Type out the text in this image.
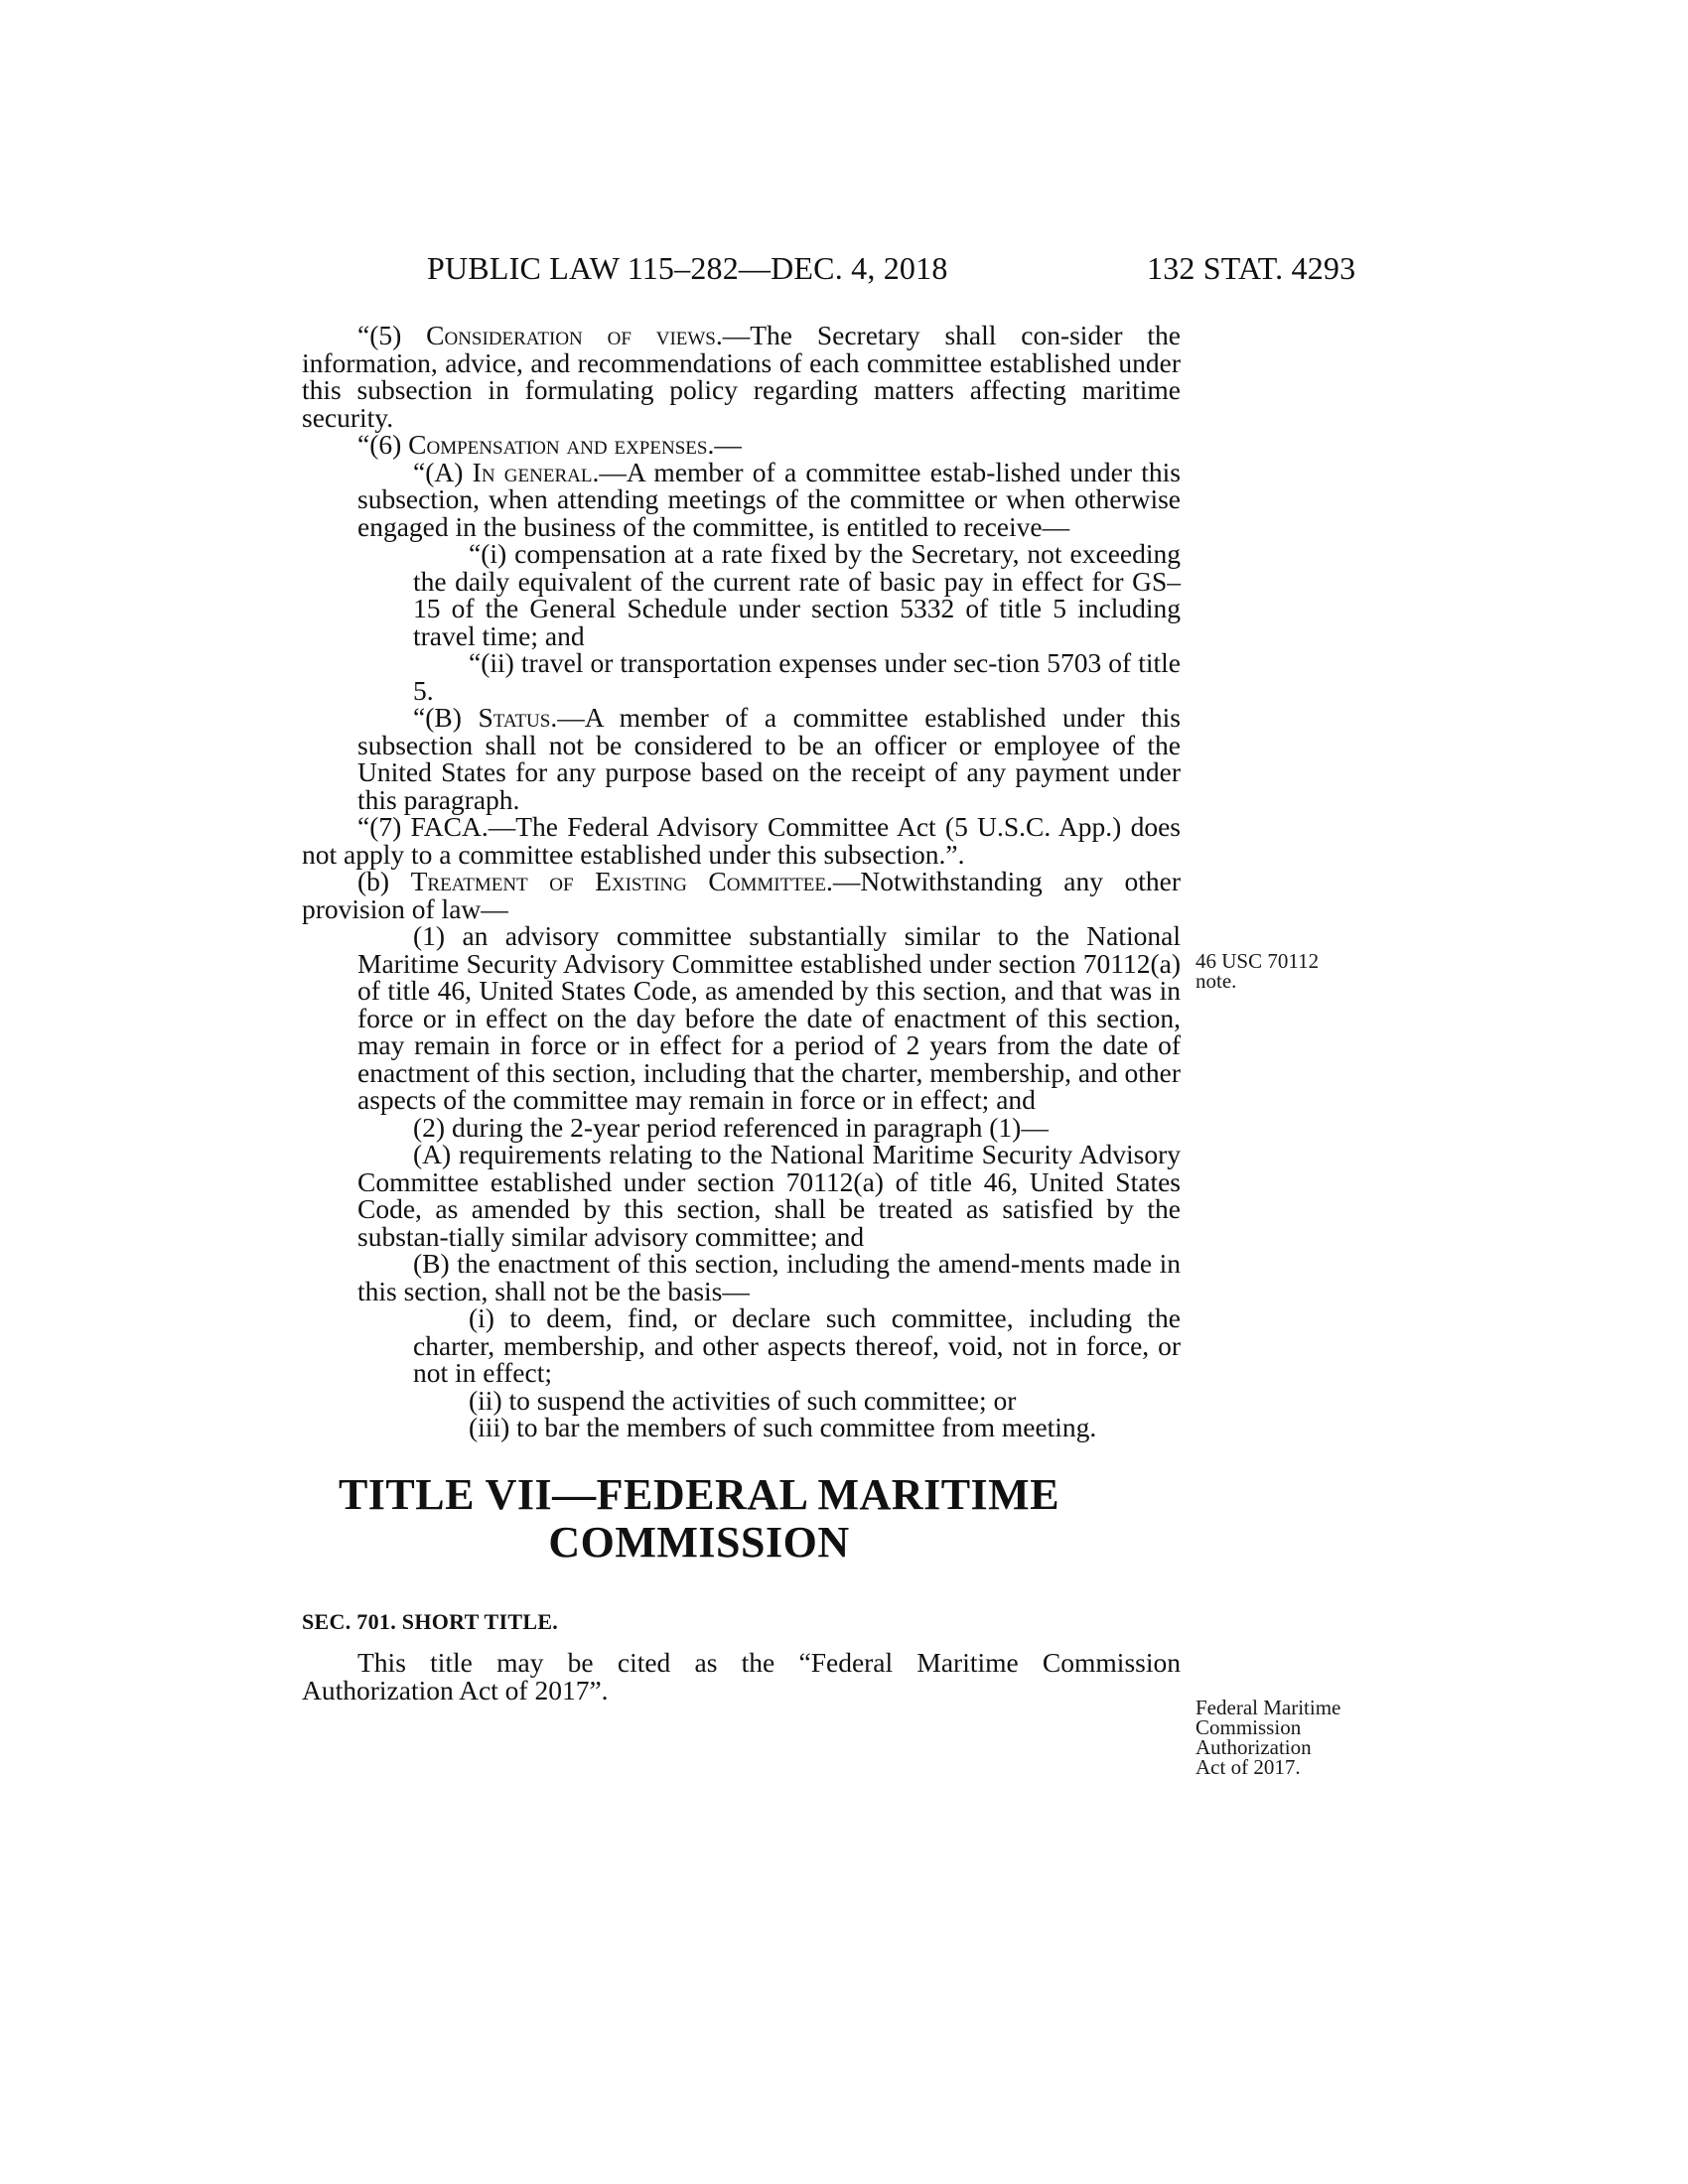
PUBLIC LAW 115–282—DEC. 4, 2018	132 STAT. 4293

“(5) Consideration of views.—The Secretary shall con-sider the information, advice, and recommendations of each committee established under this subsection in formulating policy regarding matters affecting maritime security.

“(6) Compensation and expenses.—

“(A) In general.—A member of a committee estab-lished under this subsection, when attending meetings of the committee or when otherwise engaged in the business of the committee, is entitled to receive—

“(i) compensation at a rate fixed by the Secretary, not exceeding the daily equivalent of the current rate of basic pay in effect for GS–15 of the General Schedule under section 5332 of title 5 including travel time; and

“(ii) travel or transportation expenses under sec-tion 5703 of title 5.

“(B) Status.—A member of a committee established under this subsection shall not be considered to be an officer or employee of the United States for any purpose based on the receipt of any payment under this paragraph.

“(7) FACA.—The Federal Advisory Committee Act (5 U.S.C. App.) does not apply to a committee established under this subsection.”.

(b) Treatment of Existing Committee.—Notwithstanding any other provision of law—

(1) an advisory committee substantially similar to the National Maritime Security Advisory Committee established under section 70112(a) of title 46, United States Code, as amended by this section, and that was in force or in effect on the day before the date of enactment of this section, may remain in force or in effect for a period of 2 years from the date of enactment of this section, including that the charter, membership, and other aspects of the committee may remain in force or in effect; and

(2) during the 2-year period referenced in paragraph (1)—

(A) requirements relating to the National Maritime Security Advisory Committee established under section 70112(a) of title 46, United States Code, as amended by this section, shall be treated as satisfied by the substan-tially similar advisory committee; and

(B) the enactment of this section, including the amend-ments made in this section, shall not be the basis—

(i) to deem, find, or declare such committee, including the charter, membership, and other aspects thereof, void, not in force, or not in effect;

(ii) to suspend the activities of such committee; or

(iii) to bar the members of such committee from meeting.

TITLE VII—FEDERAL MARITIME
COMMISSION
SEC. 701. SHORT TITLE.

This title may be cited as the “Federal Maritime Commission Authorization Act of 2017”.

46 USC 70112
note.
Federal Maritime
Commission
Authorization
Act of 2017.
